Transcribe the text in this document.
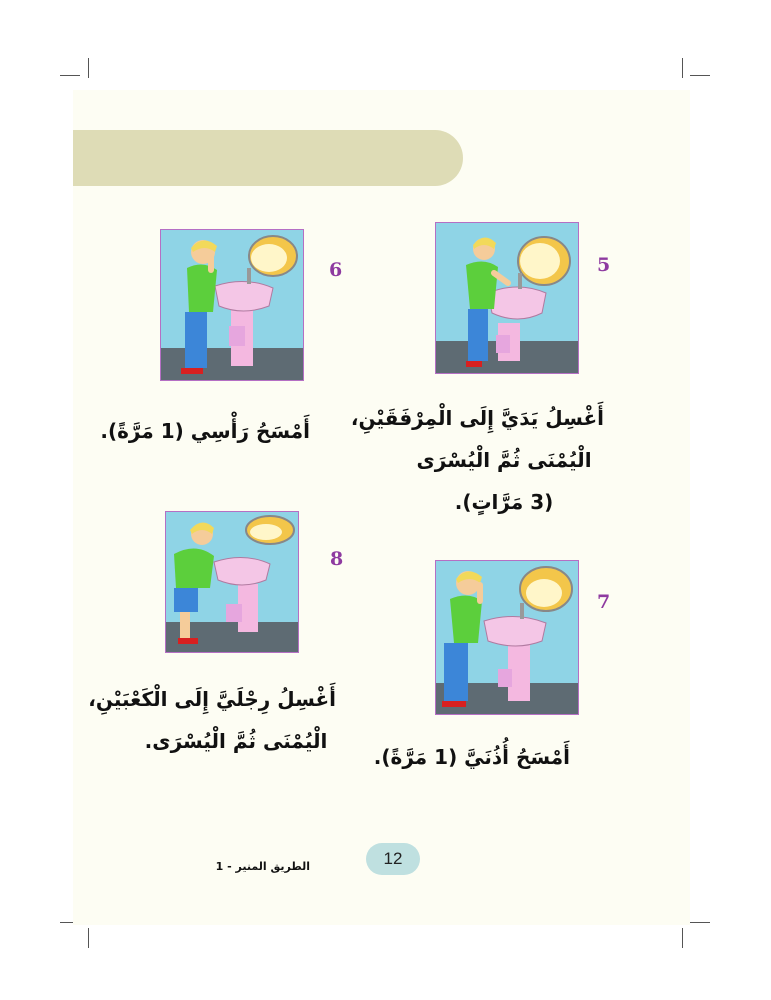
5
أَغْسِلُ يَدَيَّ إِلَى الْمِرْفَقَيْنِ،
الْيُمْنَى ثُمَّ الْيُسْرَى
(3 مَرَّاتٍ).
6
أَمْسَحُ رَأْسِي (1 مَرَّةً).
8
أَغْسِلُ رِجْلَيَّ إِلَى الْكَعْبَيْنِ،
الْيُمْنَى ثُمَّ الْيُسْرَى.
7
أَمْسَحُ أُذُنَيَّ (1 مَرَّةً).
12
الطريق المنير - 1
